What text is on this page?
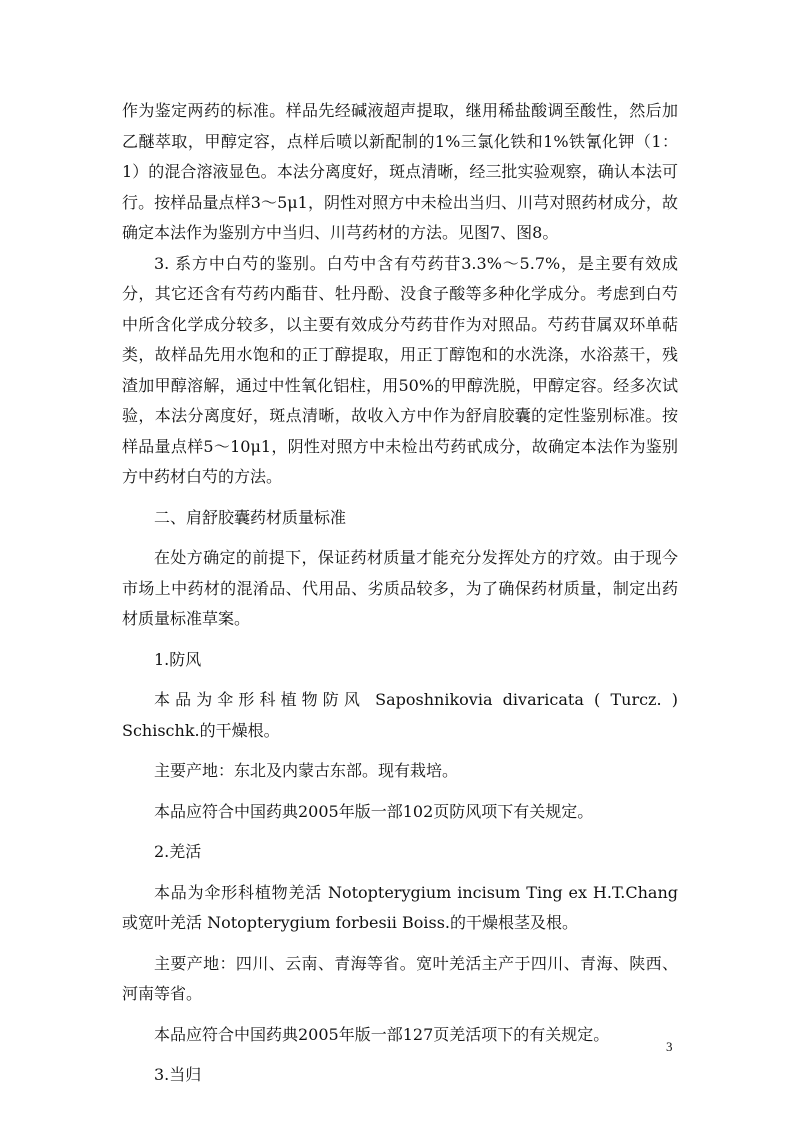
作为鉴定两药的标准。样品先经碱液超声提取，继用稀盐酸调至酸性，然后加乙醚萃取，甲醇定容，点样后喷以新配制的1%三氯化铁和1%铁氰化钾（1：1）的混合溶液显色。本法分离度好，斑点清晰，经三批实验观察，确认本法可行。按样品量点样3～5μ1，阴性对照方中未检出当归、川芎对照药材成分，故确定本法作为鉴别方中当归、川芎药材的方法。见图7、图8。

3. 系方中白芍的鉴别。白芍中含有芍药苷3.3%～5.7%，是主要有效成分，其它还含有芍药内酯苷、牡丹酚、没食子酸等多种化学成分。考虑到白芍中所含化学成分较多，以主要有效成分芍药苷作为对照品。芍药苷属双环单萜类，故样品先用水饱和的正丁醇提取，用正丁醇饱和的水洗涤，水浴蒸干，残渣加甲醇溶解，通过中性氧化铝柱，用50%的甲醇洗脱，甲醇定容。经多次试验，本法分离度好，斑点清晰，故收入方中作为舒肩胶囊的定性鉴别标准。按样品量点样5～10μ1，阴性对照方中未检出芍药甙成分，故确定本法作为鉴别方中药材白芍的方法。

二、肩舒胶囊药材质量标准

在处方确定的前提下，保证药材质量才能充分发挥处方的疗效。由于现今市场上中药材的混淆品、代用品、劣质品较多，为了确保药材质量，制定出药材质量标准草案。

1.防风

本品为伞形科植物防风 Saposhnikovia divaricata ( Turcz. ) Schischk.的干燥根。

主要产地：东北及内蒙古东部。现有栽培。

本品应符合中国药典2005年版一部102页防风项下有关规定。

2.羌活

本品为伞形科植物羌活 Notopterygium incisum Ting ex H.T.Chang 或宽叶羌活 Notopterygium forbesii Boiss.的干燥根茎及根。

主要产地：四川、云南、青海等省。宽叶羌活主产于四川、青海、陕西、河南等省。

本品应符合中国药典2005年版一部127页羌活项下的有关规定。

3.当归

3
